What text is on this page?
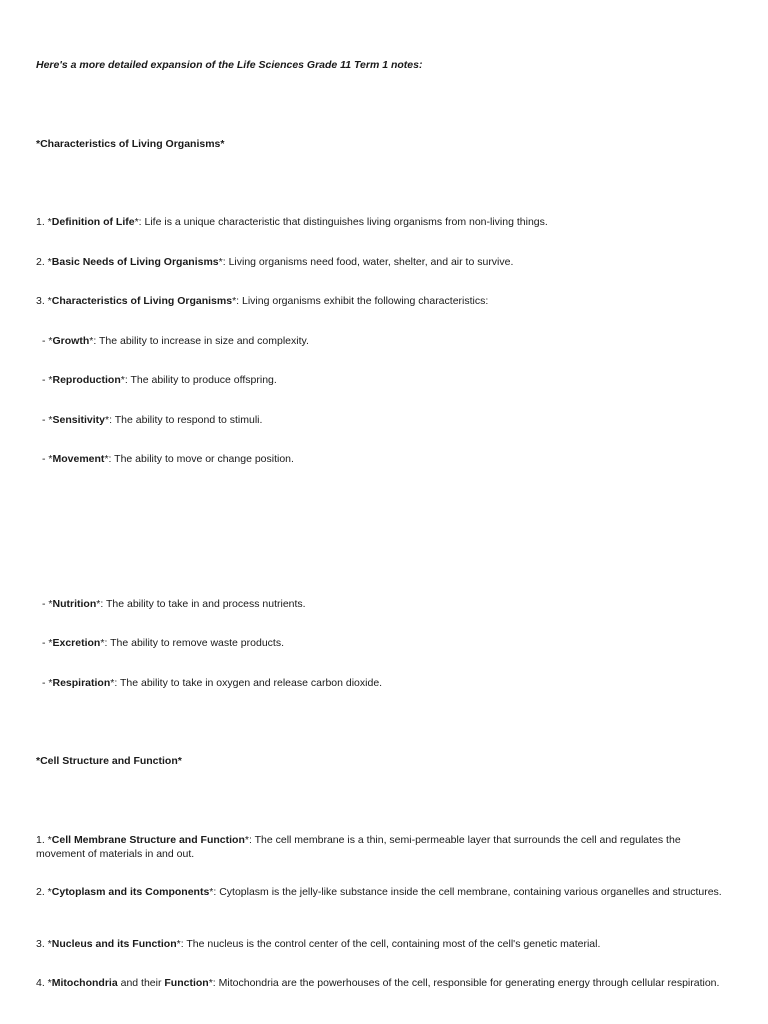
Here's a more detailed expansion of the Life Sciences Grade 11 Term 1 notes:

*Characteristics of Living Organisms*

1. *Definition of Life*: Life is a unique characteristic that distinguishes living organisms from non-living things.

2. *Basic Needs of Living Organisms*: Living organisms need food, water, shelter, and air to survive.

3. *Characteristics of Living Organisms*: Living organisms exhibit the following characteristics:

- *Growth*: The ability to increase in size and complexity.

- *Reproduction*: The ability to produce offspring.

- *Sensitivity*: The ability to respond to stimuli.

- *Movement*: The ability to move or change position.

- *Nutrition*: The ability to take in and process nutrients.

- *Excretion*: The ability to remove waste products.

- *Respiration*: The ability to take in oxygen and release carbon dioxide.

*Cell Structure and Function*

1. *Cell Membrane Structure and Function*: The cell membrane is a thin, semi-permeable layer that surrounds the cell and regulates the movement of materials in and out.

2. *Cytoplasm and its Components*: Cytoplasm is the jelly-like substance inside the cell membrane, containing various organelles and structures.

3. *Nucleus and its Function*: The nucleus is the control center of the cell, containing most of the cell's genetic material.

4. *Mitochondria and their Function*: Mitochondria are the powerhouses of the cell, responsible for generating energy through cellular respiration.
